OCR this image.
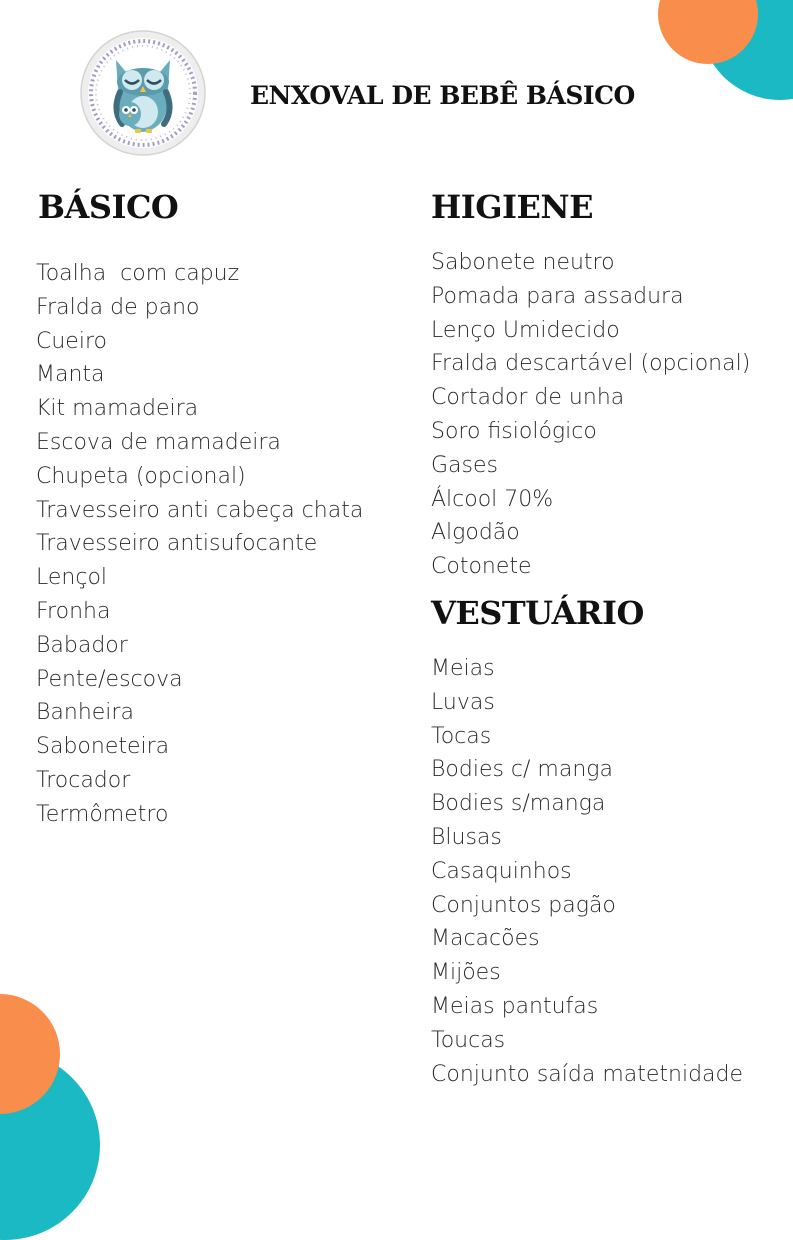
ENXOVAL DE BEBÊ BÁSICO
BÁSICO
Toalha  com capuz
Fralda de pano
Cueiro
Manta
Kit mamadeira
Escova de mamadeira
Chupeta (opcional)
Travesseiro anti cabeça chata
Travesseiro antisufocante
Lençol
Fronha
Babador
Pente/escova
Banheira
Saboneteira
Trocador
Termômetro
HIGIENE
Sabonete neutro
Pomada para assadura
Lenço Umidecido
Fralda descartável (opcional)
Cortador de unha
Soro fisiológico
Gases
Álcool 70%
Algodão
Cotonete
VESTUÁRIO
Meias
Luvas
Tocas
Bodies c/ manga
Bodies s/manga
Blusas
Casaquinhos
Conjuntos pagão
Macacões
Mijões
Meias pantufas
Toucas
Conjunto saída matetnidade
